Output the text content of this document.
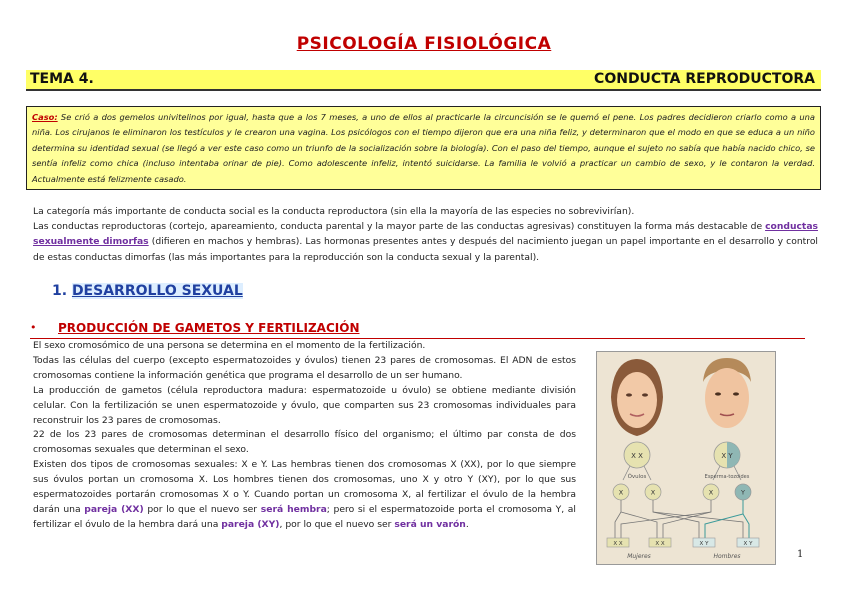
PSICOLOGÍA FISIOLÓGICA
TEMA 4.	CONDUCTA REPRODUCTORA
Caso: Se crió a dos gemelos univitelinos por igual, hasta que a los 7 meses, a uno de ellos al practicarle la circuncisión se le quemó el pene. Los padres decidieron criarlo como a una niña. Los cirujanos le eliminaron los testículos y le crearon una vagina. Los psicólogos con el tiempo dijeron que era una niña feliz, y determinaron que el modo en que se educa a un niño determina su identidad sexual (se llegó a ver este caso como un triunfo de la socialización sobre la biología). Con el paso del tiempo, aunque el sujeto no sabía que había nacido chico, se sentía infeliz como chica (incluso intentaba orinar de pie). Como adolescente infeliz, intentó suicidarse. La familia le volvió a practicar un cambio de sexo, y le contaron la verdad. Actualmente está felizmente casado.
La categoría más importante de conducta social es la conducta reproductora (sin ella la mayoría de las especies no sobrevivirían).
Las conductas reproductoras (cortejo, apareamiento, conducta parental y la mayor parte de las conductas agresivas) constituyen la forma más destacable de conductas sexualmente dimorfas (difieren en machos y hembras). Las hormonas presentes antes y después del nacimiento juegan un papel importante en el desarrollo y control de estas conductas dimorfas (las más importantes para la reproducción son la conducta sexual y la parental).
1. DESARROLLO SEXUAL
• PRODUCCIÓN DE GAMETOS Y FERTILIZACIÓN

El sexo cromosómico de una persona se determina en el momento de la fertilización.

Todas las células del cuerpo (excepto espermatozoides y óvulos) tienen 23 pares de cromosomas. El ADN de estos cromosomas contiene la información genética que programa el desarrollo de un ser humano.

La producción de gametos (célula reproductora madura: espermatozoide u óvulo) se obtiene mediante división celular. Con la fertilización se unen espermatozoide y óvulo, que comparten sus 23 cromosomas individuales para reconstruir los 23 pares de cromosomas.

22 de los 23 pares de cromosomas determinan el desarrollo físico del organismo; el último par consta de dos cromosomas sexuales que determinan el sexo.

Existen dos tipos de cromosomas sexuales: X e Y. Las hembras tienen dos cromosomas X (XX), por lo que siempre sus óvulos portan un cromosoma X. Los hombres tienen dos cromosomas, uno X y otro Y (XY), por lo que sus espermatozoides portarán cromosomas X o Y. Cuando portan un cromosoma X, al fertilizar el óvulo de la hembra darán una pareja (XX) por lo que el nuevo ser será hembra; pero si el espermatozoide porta el cromosoma Y, al fertilizar el óvulo de la hembra dará una pareja (XY), por lo que el nuevo ser será un varón.

X X	X Y
Óvulos	Esperma-tozoides
X	X	X	Y
X X	X X	X Y	X Y
Mujeres	Hombres	1
